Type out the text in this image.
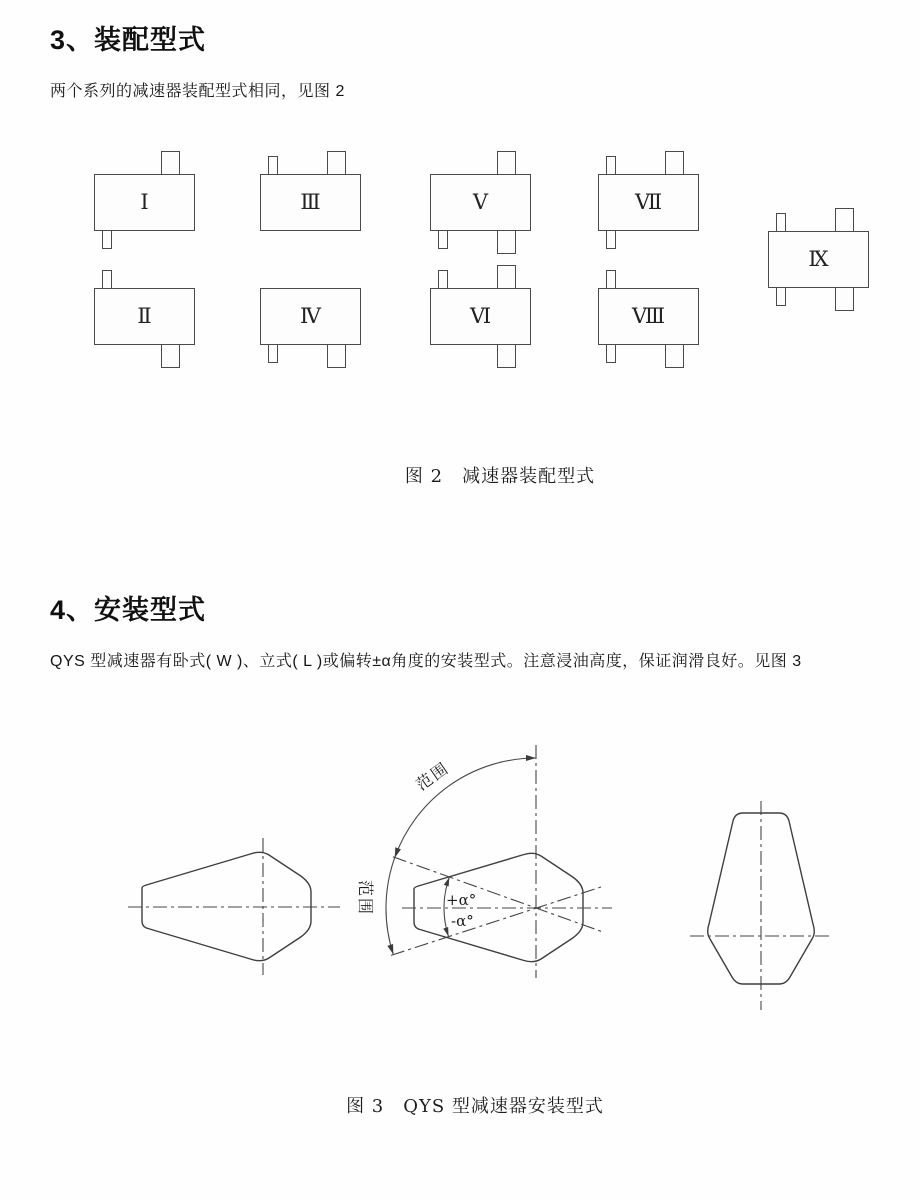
3、装配型式
两个系列的减速器装配型式相同，见图 2
Ⅰ	Ⅲ	Ⅴ	Ⅶ
Ⅸ
Ⅱ	Ⅳ	Ⅵ	Ⅷ
图 2　减速器装配型式
4、安装型式
QYS 型减速器有卧式( W )、立式( L )或偏转±α角度的安装型式。注意浸油高度，保证润滑良好。见图 3
范围
范围	+α°
-α°
图 3　QYS 型减速器安装型式
